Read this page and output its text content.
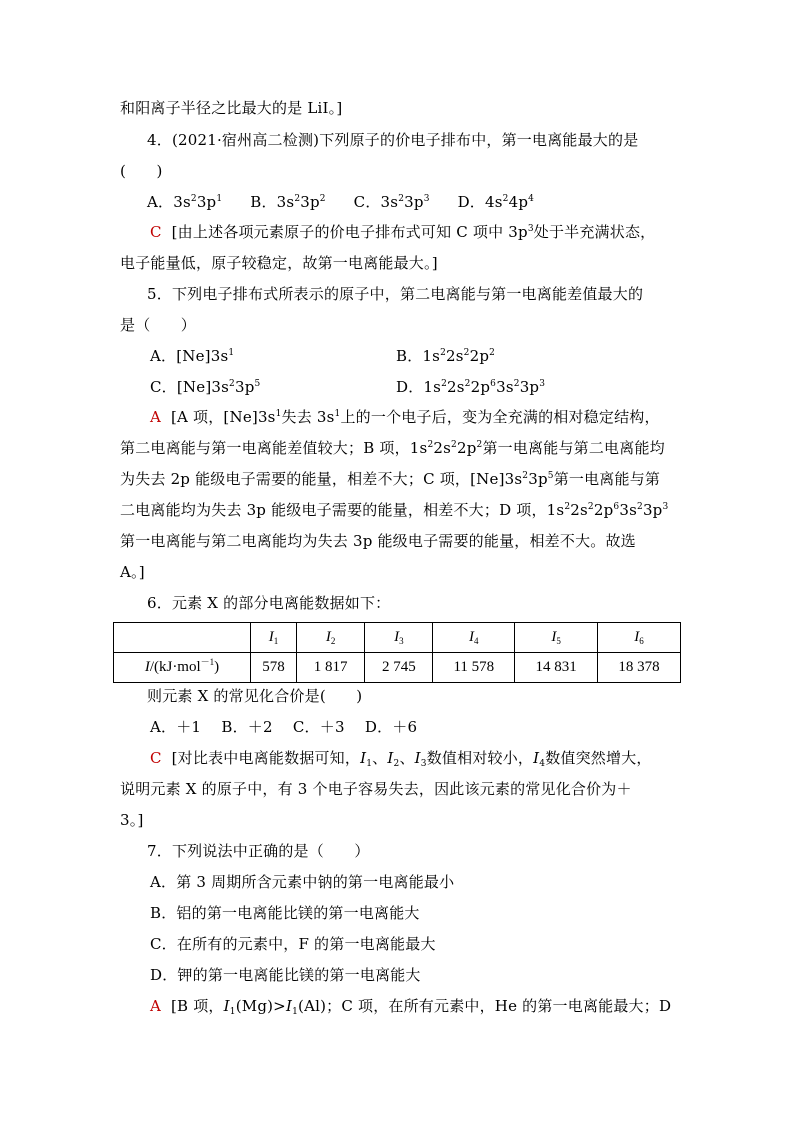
和阳离子半径之比最大的是 LiI。]
4．(2021·宿州高二检测)下列原子的价电子排布中，第一电离能最大的是
(　　)
A．$3s^23p^1$ B．$3s^23p^2$ C．$3s^23p^3$ D．$4s^24p^4$
C [由上述各项元素原子的价电子排布式可知 C 项中 $3p^3$处于半充满状态，
电子能量低，原子较稳定，故第一电离能最大。]
5．下列电子排布式所表示的原子中，第二电离能与第一电离能差值最大的
是（　　）
A．$[Ne]3s^1$	B．$1s^22s^22p^2$
C．$[Ne]3s^23p^5$	D．$1s^22s^22p^63s^23p^3$
A  [A 项，$[Ne]3s^1$失去 $3s^1$上的一个电子后，变为全充满的相对稳定结构，
第二电离能与第一电离能差值较大；B 项，$1s^22s^22p^2$第一电离能与第二电离能均
为失去 2p 能级电子需要的能量，相差不大；C 项，$[Ne]3s^23p^5$第一电离能与第
二电离能均为失去 3p 能级电子需要的能量，相差不大；D 项，$1s^22s^22p^63s^23p^3$
第一电离能与第二电离能均为失去 3p 能级电子需要的能量，相差不大。故选
A。]
6．元素 X 的部分电离能数据如下：
	$I_1$	$I_2$	$I_3$	$I_4$	$I_5$	$I_6$
I/(kJ·mol$^{-1}$)	578	1 817	2 745	11 578	14 831	18 378
则元素 X 的常见化合价是(　　)
A．＋1　 B．＋2　 C．＋3　 D．＋6
C  [对比表中电离能数据可知，$I_1$、$I_2$、$I_3$数值相对较小，$I_4$数值突然增大，
说明元素 X 的原子中，有 3 个电子容易失去，因此该元素的常见化合价为＋
3。]
7．下列说法中正确的是（　　）
A．第 3 周期所含元素中钠的第一电离能最小
B．铝的第一电离能比镁的第一电离能大
C．在所有的元素中，F 的第一电离能最大
D．钾的第一电离能比镁的第一电离能大
A  [B 项，$I_1(Mg)>I_1(Al)$；C 项，在所有元素中，He 的第一电离能最大；D
